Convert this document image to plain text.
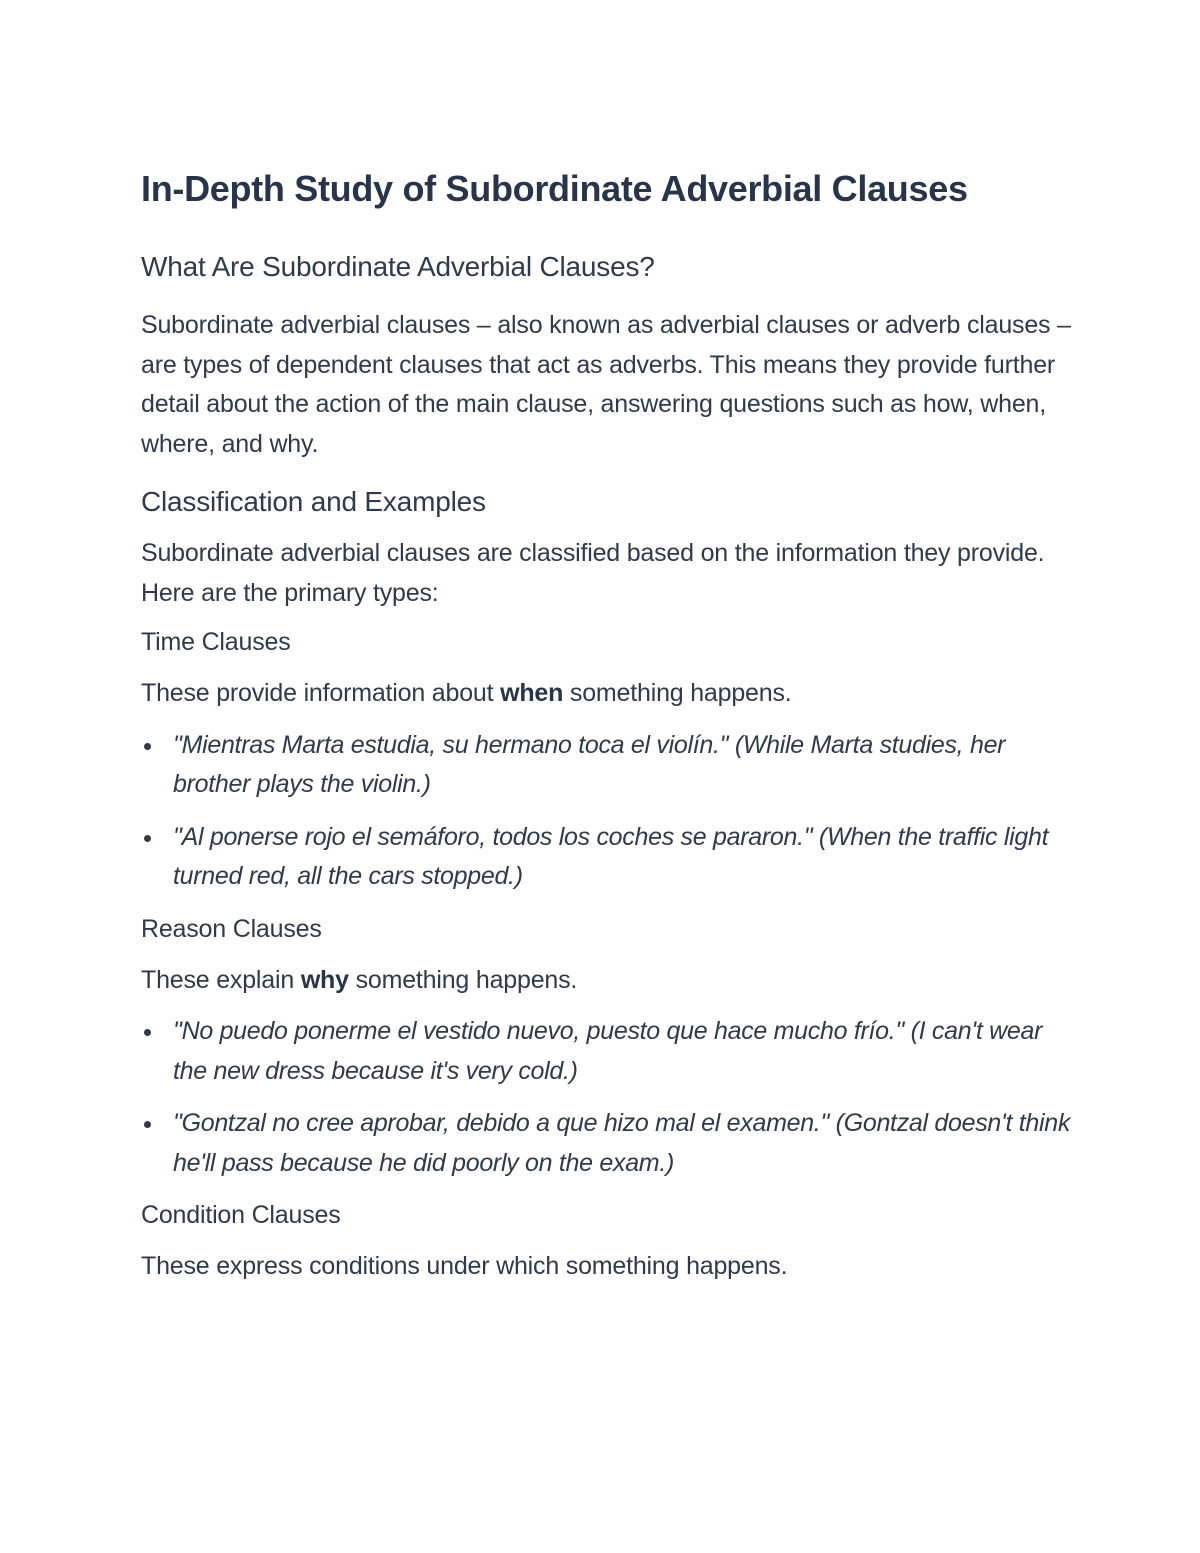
In-Depth Study of Subordinate Adverbial Clauses
What Are Subordinate Adverbial Clauses?

Subordinate adverbial clauses – also known as adverbial clauses or adverb clauses – are types of dependent clauses that act as adverbs. This means they provide further detail about the action of the main clause, answering questions such as how, when, where, and why.

Classification and Examples

Subordinate adverbial clauses are classified based on the information they provide. Here are the primary types:

Time Clauses

These provide information about when something happens.

"Mientras Marta estudia, su hermano toca el violín." (While Marta studies, her brother plays the violin.)
"Al ponerse rojo el semáforo, todos los coches se pararon." (When the traffic light turned red, all the cars stopped.)
Reason Clauses

These explain why something happens.

"No puedo ponerme el vestido nuevo, puesto que hace mucho frío." (I can't wear the new dress because it's very cold.)
"Gontzal no cree aprobar, debido a que hizo mal el examen." (Gontzal doesn't think he'll pass because he did poorly on the exam.)
Condition Clauses

These express conditions under which something happens.
